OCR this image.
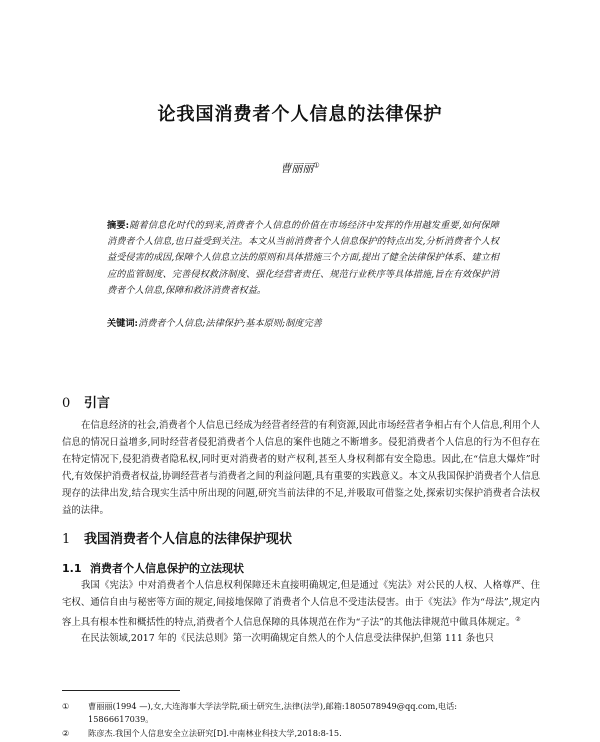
论我国消费者个人信息的法律保护
曹丽丽①
摘要:随着信息化时代的到来,消费者个人信息的价值在市场经济中发挥的作用越发重要,如何保障消费者个人信息,也日益受到关注。本文从当前消费者个人信息保护的特点出发,分析消费者个人权益受侵害的成因,保障个人信息立法的原则和具体措施三个方面,提出了健全法律保护体系、建立相应的监管制度、完善侵权救济制度、强化经营者责任、规范行业秩序等具体措施,旨在有效保护消费者个人信息,保障和救济消费者权益。
关键词:消费者个人信息;法律保护;基本原则;制度完善
0 引言

在信息经济的社会,消费者个人信息已经成为经营者经营的有利资源,因此市场经营者争相占有个人信息,利用个人信息的情况日益增多,同时经营者侵犯消费者个人信息的案件也随之不断增多。侵犯消费者个人信息的行为不但存在在特定情况下,侵犯消费者隐私权,同时更对消费者的财产权利,甚至人身权利都有安全隐患。因此,在“信息大爆炸”时代,有效保护消费者权益,协调经营者与消费者之间的利益问题,具有重要的实践意义。本文从我国保护消费者个人信息现存的法律出发,结合现实生活中所出现的问题,研究当前法律的不足,并吸取可借鉴之处,探索切实保护消费者合法权益的法律。

1 我国消费者个人信息的法律保护现状
1.1 消费者个人信息保护的立法现状

我国《宪法》中对消费者个人信息权利保障还未直接明确规定,但是通过《宪法》对公民的人权、人格尊严、住宅权、通信自由与秘密等方面的规定,间接地保障了消费者个人信息不受违法侵害。由于《宪法》作为“母法”,规定内容上具有根本性和概括性的特点,消费者个人信息保障的具体规范在作为“子法”的其他法律规范中做具体规定。②

在民法领域,2017 年的《民法总则》第一次明确规定自然人的个人信息受法律保护,但第 111 条也只

① 曹丽丽(1994 —),女,大连海事大学法学院,硕士研究生,法律(法学),邮箱:1805078949@qq.com,电话:
15866617039。
② 陈彦杰.我国个人信息安全立法研究[D].中南林业科技大学,2018:8-15.
